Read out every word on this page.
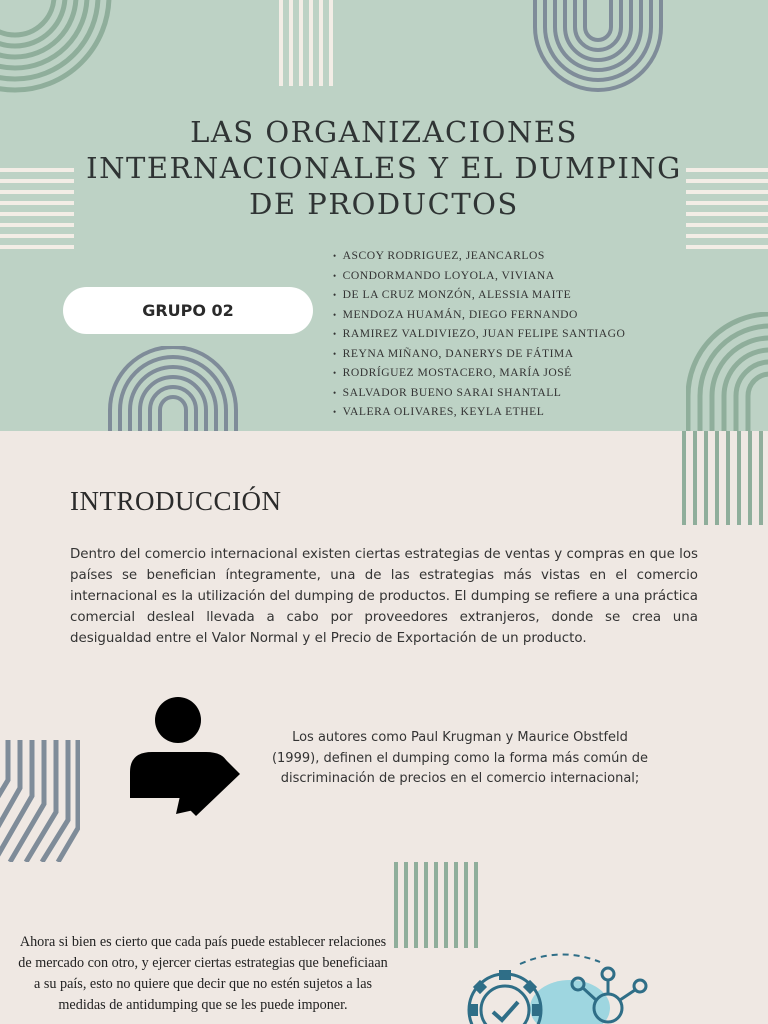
LAS ORGANIZACIONES INTERNACIONALES Y EL DUMPING DE PRODUCTOS
GRUPO 02
• ASCOY RODRIGUEZ, JEANCARLOS
• CONDORMANDO LOYOLA, VIVIANA
• DE LA CRUZ MONZÓN, ALESSIA MAITE
• MENDOZA HUAMÁN, DIEGO FERNANDO
• RAMIREZ VALDIVIEZO, JUAN FELIPE SANTIAGO
• REYNA MIÑANO, DANERYS DE FÁTIMA
• RODRÍGUEZ MOSTACERO, MARÍA JOSÉ
• SALVADOR BUENO SARAI SHANTALL
• VALERA OLIVARES, KEYLA ETHEL
INTRODUCCIÓN

Dentro del comercio internacional existen ciertas estrategias de ventas y compras en que los países se benefician íntegramente, una de las estrategias más vistas en el comercio internacional es la utilización del dumping de productos. El dumping se refiere a una práctica comercial desleal llevada a cabo por proveedores extranjeros, donde se crea una desigualdad entre el Valor Normal y el Precio de Exportación de un producto.

Los autores como Paul Krugman y Maurice Obstfeld (1999), definen el dumping como la forma más común de discriminación de precios en el comercio internacional;

Ahora si bien es cierto que cada país puede establecer relaciones de mercado con otro, y ejercer ciertas estrategias que beneficiaan a su país, esto no quiere que decir que no estén sujetos a las medidas de antidumping que se les puede imponer.
